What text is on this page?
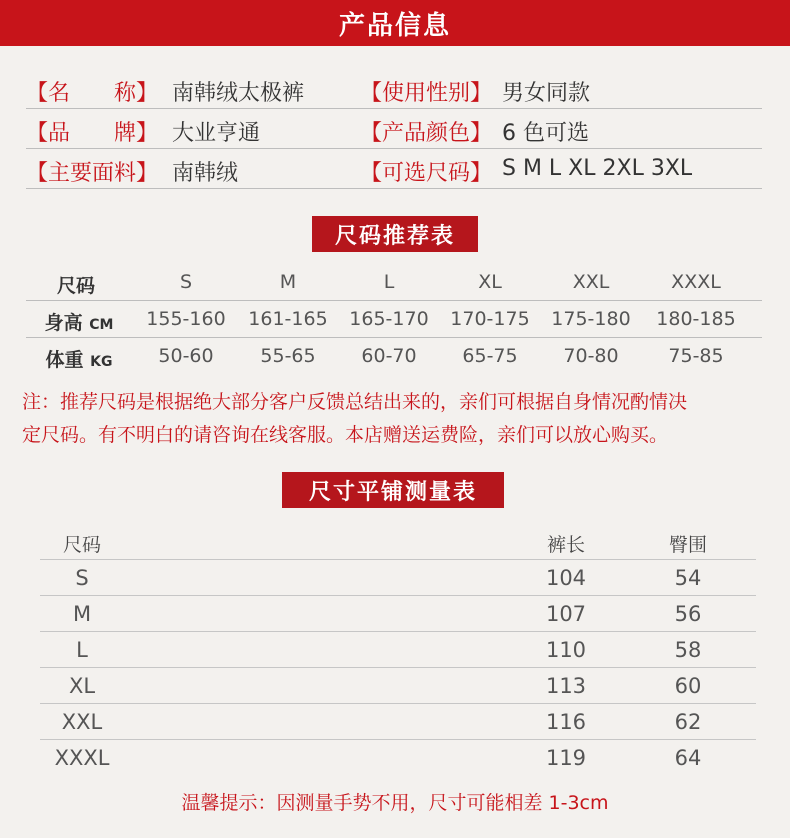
产品信息
【名　　称】 南韩绒太极裤	【使用性别】 男女同款
【品　　牌】 大业亨通	【产品颜色】 6 色可选
【主要面料】 南韩绒	【可选尺码】 S M L XL 2XL 3XL
尺码推荐表
尺码	S	M	L	XL	XXL	XXXL
身高 CM	155-160	161-165	165-170	170-175	175-180	180-185
体重 KG	50-60	55-65	60-70	65-75	70-80	75-85
注：推荐尺码是根据绝大部分客户反馈总结出来的，亲们可根据自身情况酌情决
定尺码。有不明白的请咨询在线客服。本店赠送运费险，亲们可以放心购买。
尺寸平铺测量表
尺码	裤长	臀围
S	104	54
M	107	56
L	110	58
XL	113	60
XXL	116	62
XXXL	119	64
温馨提示：因测量手势不用，尺寸可能相差 1-3cm
